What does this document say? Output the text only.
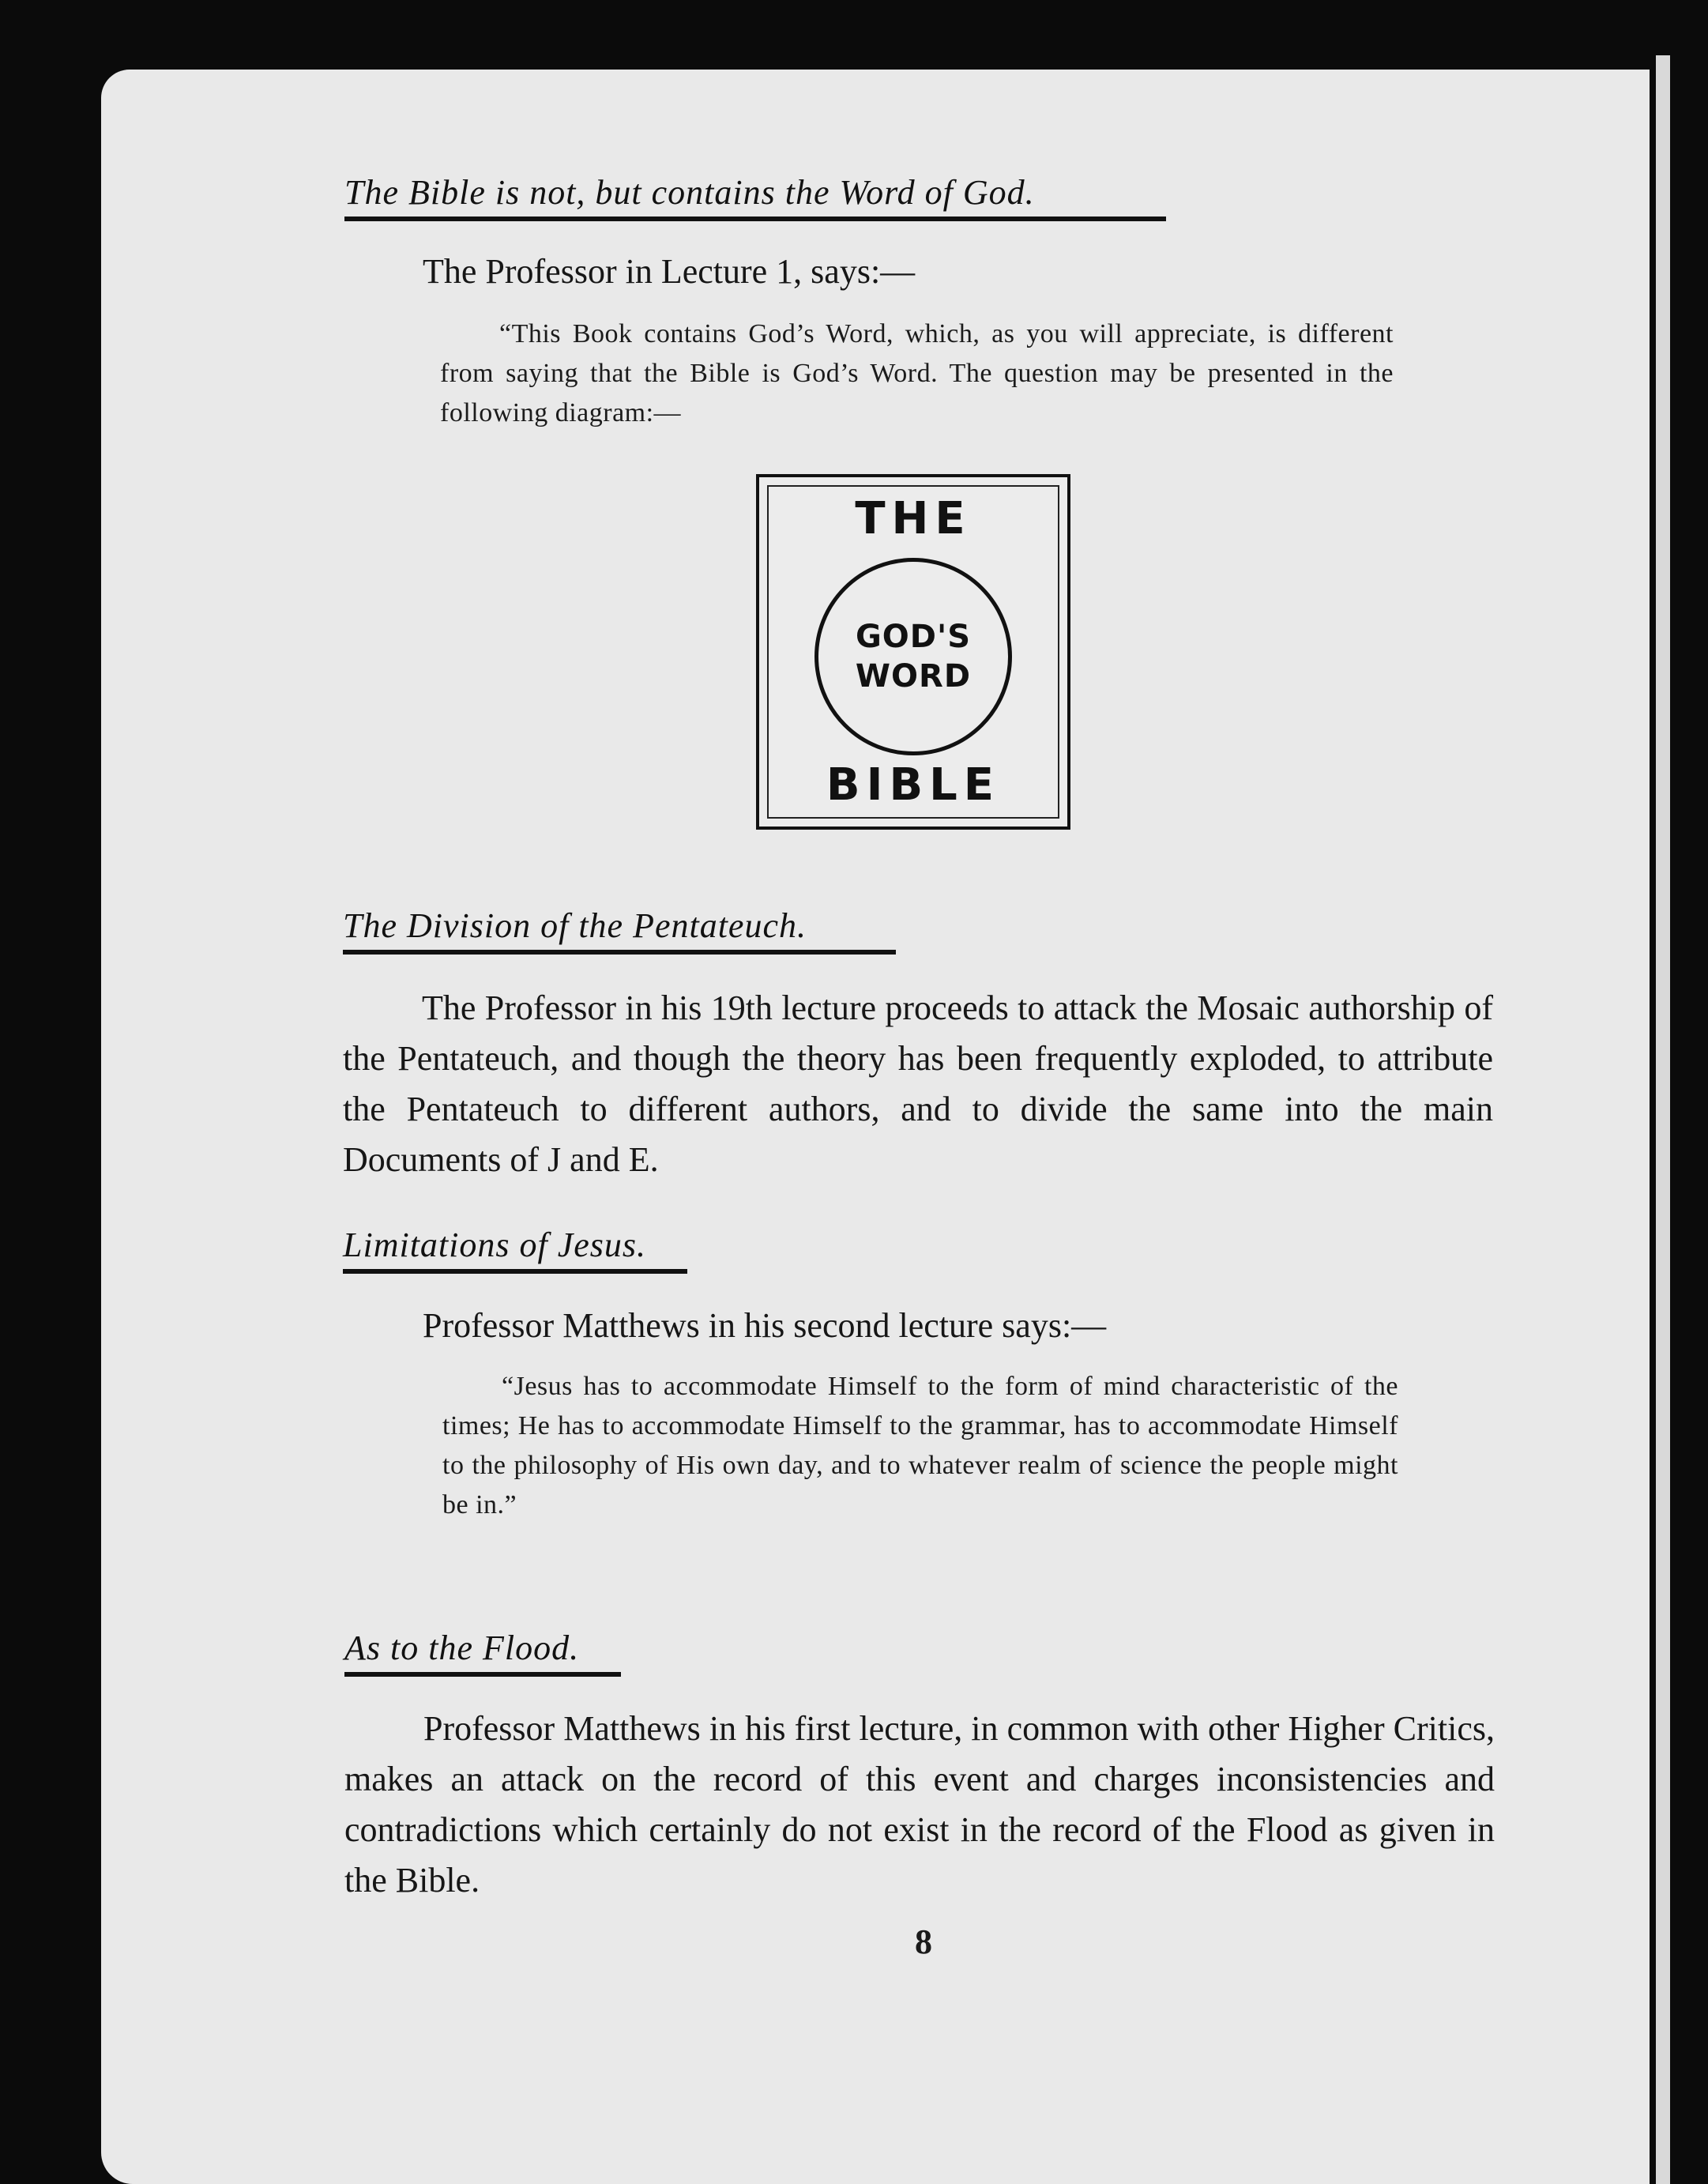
The Bible is not, but contains the Word of God.
The Professor in Lecture 1, says:—
“This Book contains God’s Word, which, as you will appreciate, is different from saying that the Bible is God’s Word. The question may be presented in the following diagram:—
THE
GOD'S
WORD
BIBLE
The Division of the Pentateuch.
The Professor in his 19th lecture proceeds to attack the Mosaic authorship of the Pentateuch, and though the theory has been frequently exploded, to attribute the Pentateuch to different authors, and to divide the same into the main Documents of J and E.
Limitations of Jesus.
Professor Matthews in his second lecture says:—
“Jesus has to accommodate Himself to the form of mind characteristic of the times; He has to accommodate Himself to the grammar, has to accommodate Himself to the philosophy of His own day, and to whatever realm of science the people might be in.”
As to the Flood.
Professor Matthews in his first lecture, in common with other Higher Critics, makes an attack on the record of this event and charges inconsistencies and contradictions which certainly do not exist in the record of the Flood as given in the Bible.
8
